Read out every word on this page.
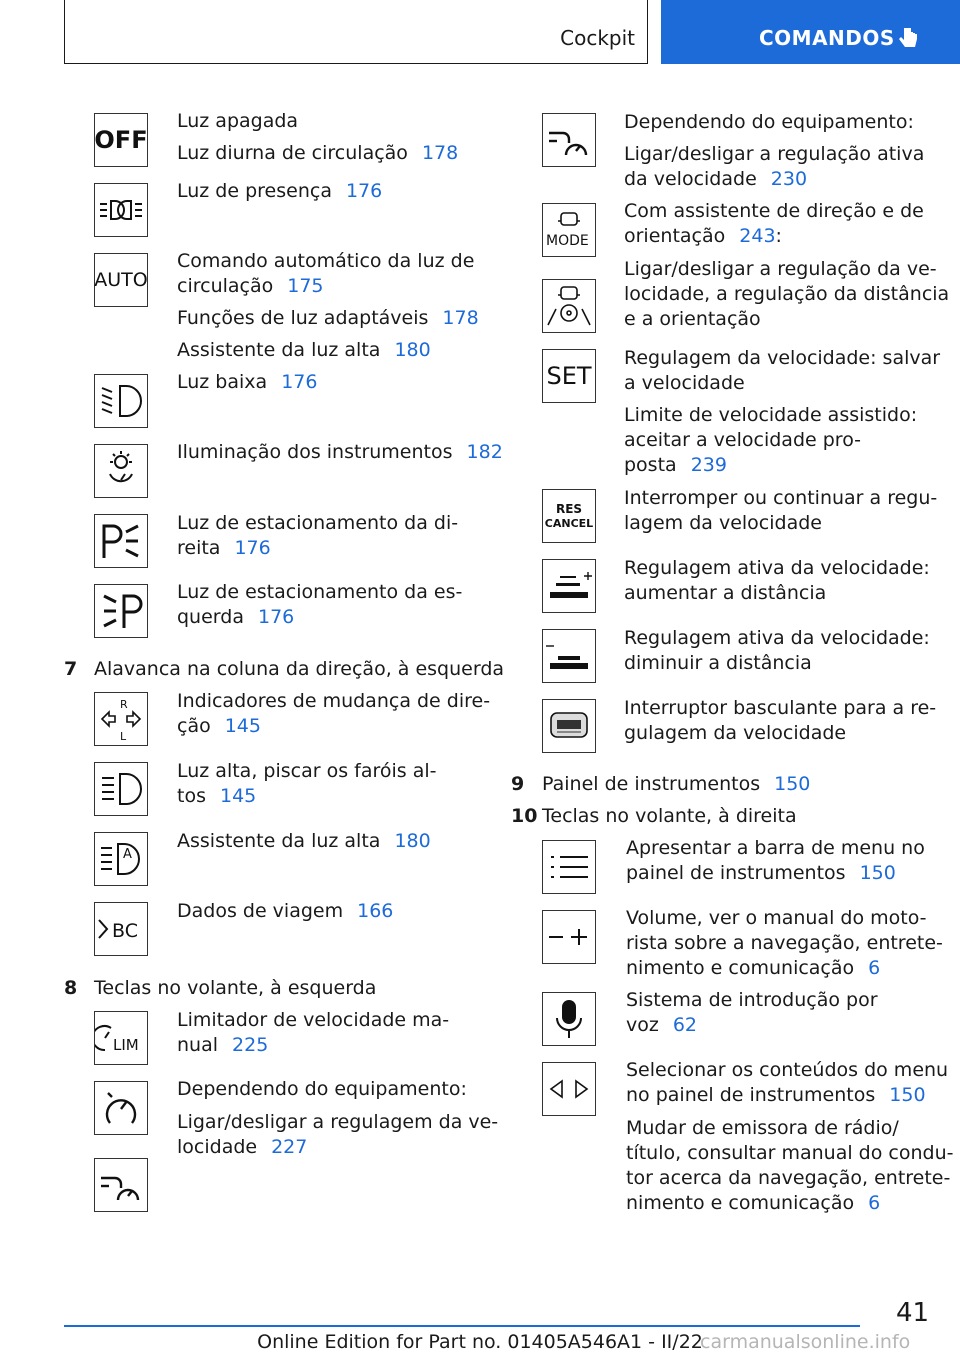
Cockpit	COMANDOS
OFF
AUTO
R
L
A
BC
LIM
Luz apagada
Luz diurna de circulação 178
Luz de presença 176
Comando automático da luz de
circulação 175
Funções de luz adaptáveis 178
Assistente da luz alta 180
Luz baixa 176
Iluminação dos instrumentos 182
Luz de estacionamento da di-
reita 176
Luz de estacionamento da es-
querda 176
7 Alavanca na coluna da direção, à esquerda
Indicadores de mudança de dire-
ção 145
Luz alta, piscar os faróis al-
tos 145
Assistente da luz alta 180
Dados de viagem 166
8 Teclas no volante, à esquerda
Limitador de velocidade ma-
nual 225
Dependendo do equipamento:
Ligar/desligar a regulagem da ve-
locidade 227
MODE
SET
RES
CANCEL
Dependendo do equipamento:
Ligar/desligar a regulação ativa
da velocidade 230
Com assistente de direção e de
orientação 243:
Ligar/desligar a regulação da ve-
locidade, a regulação da distância
e a orientação
Regulagem da velocidade: salvar
a velocidade
Limite de velocidade assistido:
aceitar a velocidade pro-
posta 239
Interromper ou continuar a regu-
lagem da velocidade
Regulagem ativa da velocidade:
aumentar a distância
Regulagem ativa da velocidade:
diminuir a distância
Interruptor basculante para a re-
gulagem da velocidade
9 Painel de instrumentos 150
10 Teclas no volante, à direita
Apresentar a barra de menu no
painel de instrumentos 150
Volume, ver o manual do moto-
rista sobre a navegação, entrete-
nimento e comunicação 6
Sistema de introdução por
voz 62
Selecionar os conteúdos do menu
no painel de instrumentos 150
Mudar de emissora de rádio/
título, consultar manual do condu-
tor acerca da navegação, entrete-
nimento e comunicação 6
41
Online Edition for Part no. 01405A546A1 - II/22
carmanualsonline.info
